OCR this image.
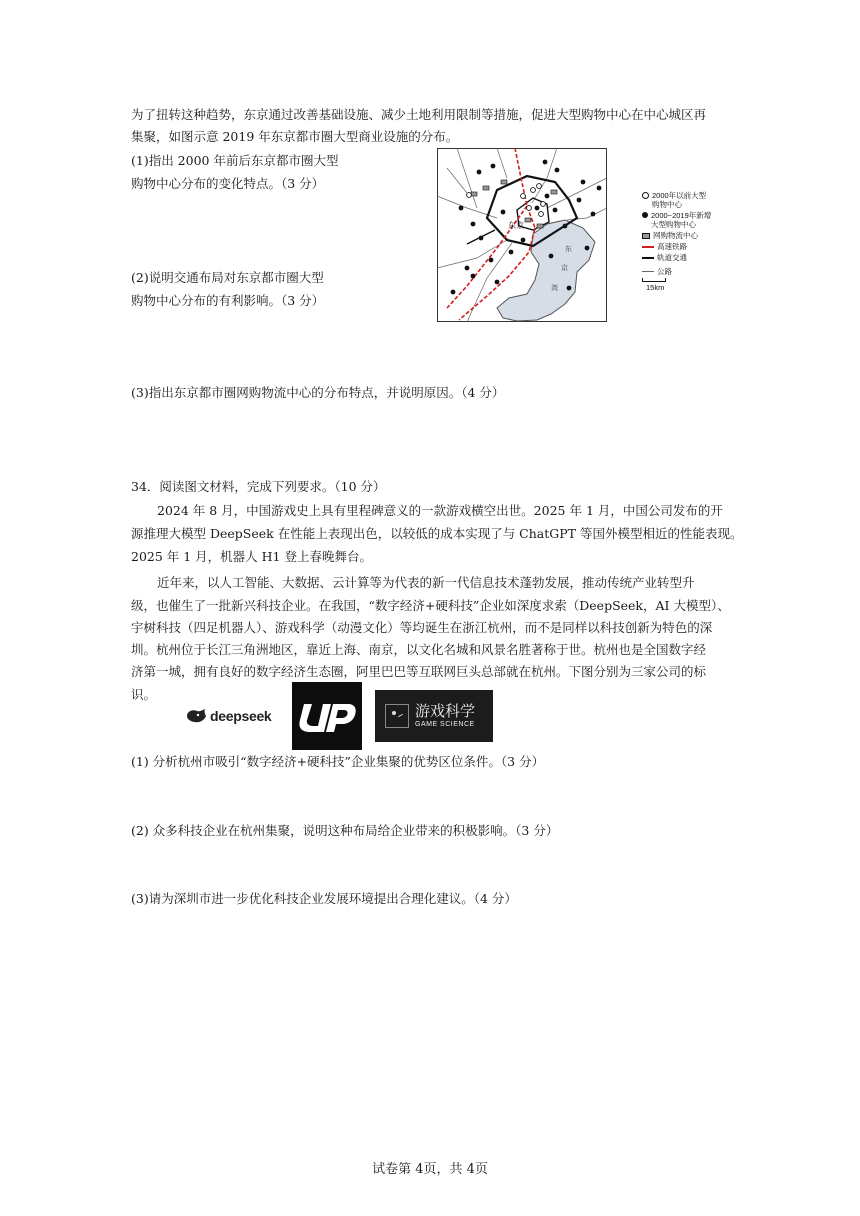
为了扭转这种趋势，东京通过改善基础设施、减少土地利用限制等措施，促进大型购物中心在中心城区再
集聚，如图示意 2019 年东京都市圈大型商业设施的分布。
(1)指出 2000 年前后东京都市圈大型
购物中心分布的变化特点。（3 分）
(2)说明交通布局对东京都市圈大型
购物中心分布的有利影响。（3 分）
(3)指出东京都市圈网购物流中心的分布特点，并说明原因。（4 分）
东京
东
京
湾
2000年以前大型
购物中心
2000~2019年新增
大型购物中心
网购物流中心
高速铁路
轨道交通
公路
15km
34．阅读图文材料，完成下列要求。（10 分）
2024 年 8 月，中国游戏史上具有里程碑意义的一款游戏横空出世。2025 年 1 月，中国公司发布的开
源推理大模型 DeepSeek 在性能上表现出色，以较低的成本实现了与 ChatGPT 等国外模型相近的性能表现。
2025 年 1 月，机器人 H1 登上春晚舞台。
近年来，以人工智能、大数据、云计算等为代表的新一代信息技术蓬勃发展，推动传统产业转型升
级，也催生了一批新兴科技企业。在我国，“数字经济+硬科技”企业如深度求索（DeepSeek，AI 大模型）、
宇树科技（四足机器人）、游戏科学（动漫文化）等均诞生在浙江杭州，而不是同样以科技创新为特色的深
圳。杭州位于长江三角洲地区，靠近上海、南京，以文化名城和风景名胜著称于世。杭州也是全国数字经
济第一城，拥有良好的数字经济生态圈，阿里巴巴等互联网巨头总部就在杭州。下图分别为三家公司的标
识。
deepseek	游戏科学
GAME SCIENCE
(1) 分析杭州市吸引“数字经济+硬科技”企业集聚的优势区位条件。（3 分）
(2) 众多科技企业在杭州集聚，说明这种布局给企业带来的积极影响。（3 分）
(3)请为深圳市进一步优化科技企业发展环境提出合理化建议。（4 分）
试卷第 4页，共 4页
